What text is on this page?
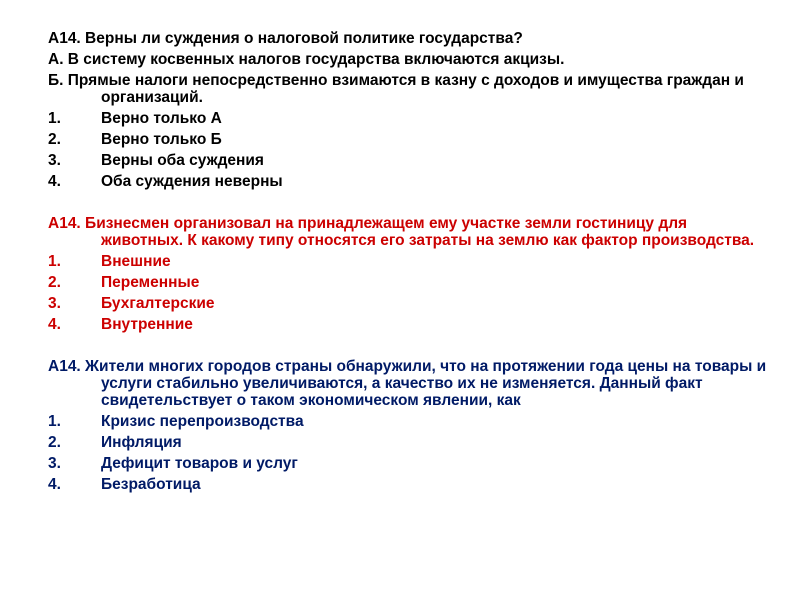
А14. Верны ли суждения о налоговой политике государства?

А. В систему косвенных налогов государства включаются акцизы.

Б. Прямые налоги непосредственно взимаются в казну с доходов и имущества граждан и организаций.

1.	Верно только А
2.	Верно только Б
3.	Верны оба суждения
4.	Оба суждения неверны

А14. Бизнесмен организовал на принадлежащем ему участке земли гостиницу для животных. К какому типу относятся его затраты на землю как фактор производства.

1.	Внешние
2.	Переменные
3.	Бухгалтерские
4.	Внутренние

А14. Жители многих городов страны обнаружили, что на протяжении года цены на товары и услуги стабильно увеличиваются, а качество их не изменяется. Данный факт свидетельствует о таком экономическом явлении, как

1.	Кризис перепроизводства
2.	Инфляция
3.	Дефицит товаров и услуг
4.	Безработица
